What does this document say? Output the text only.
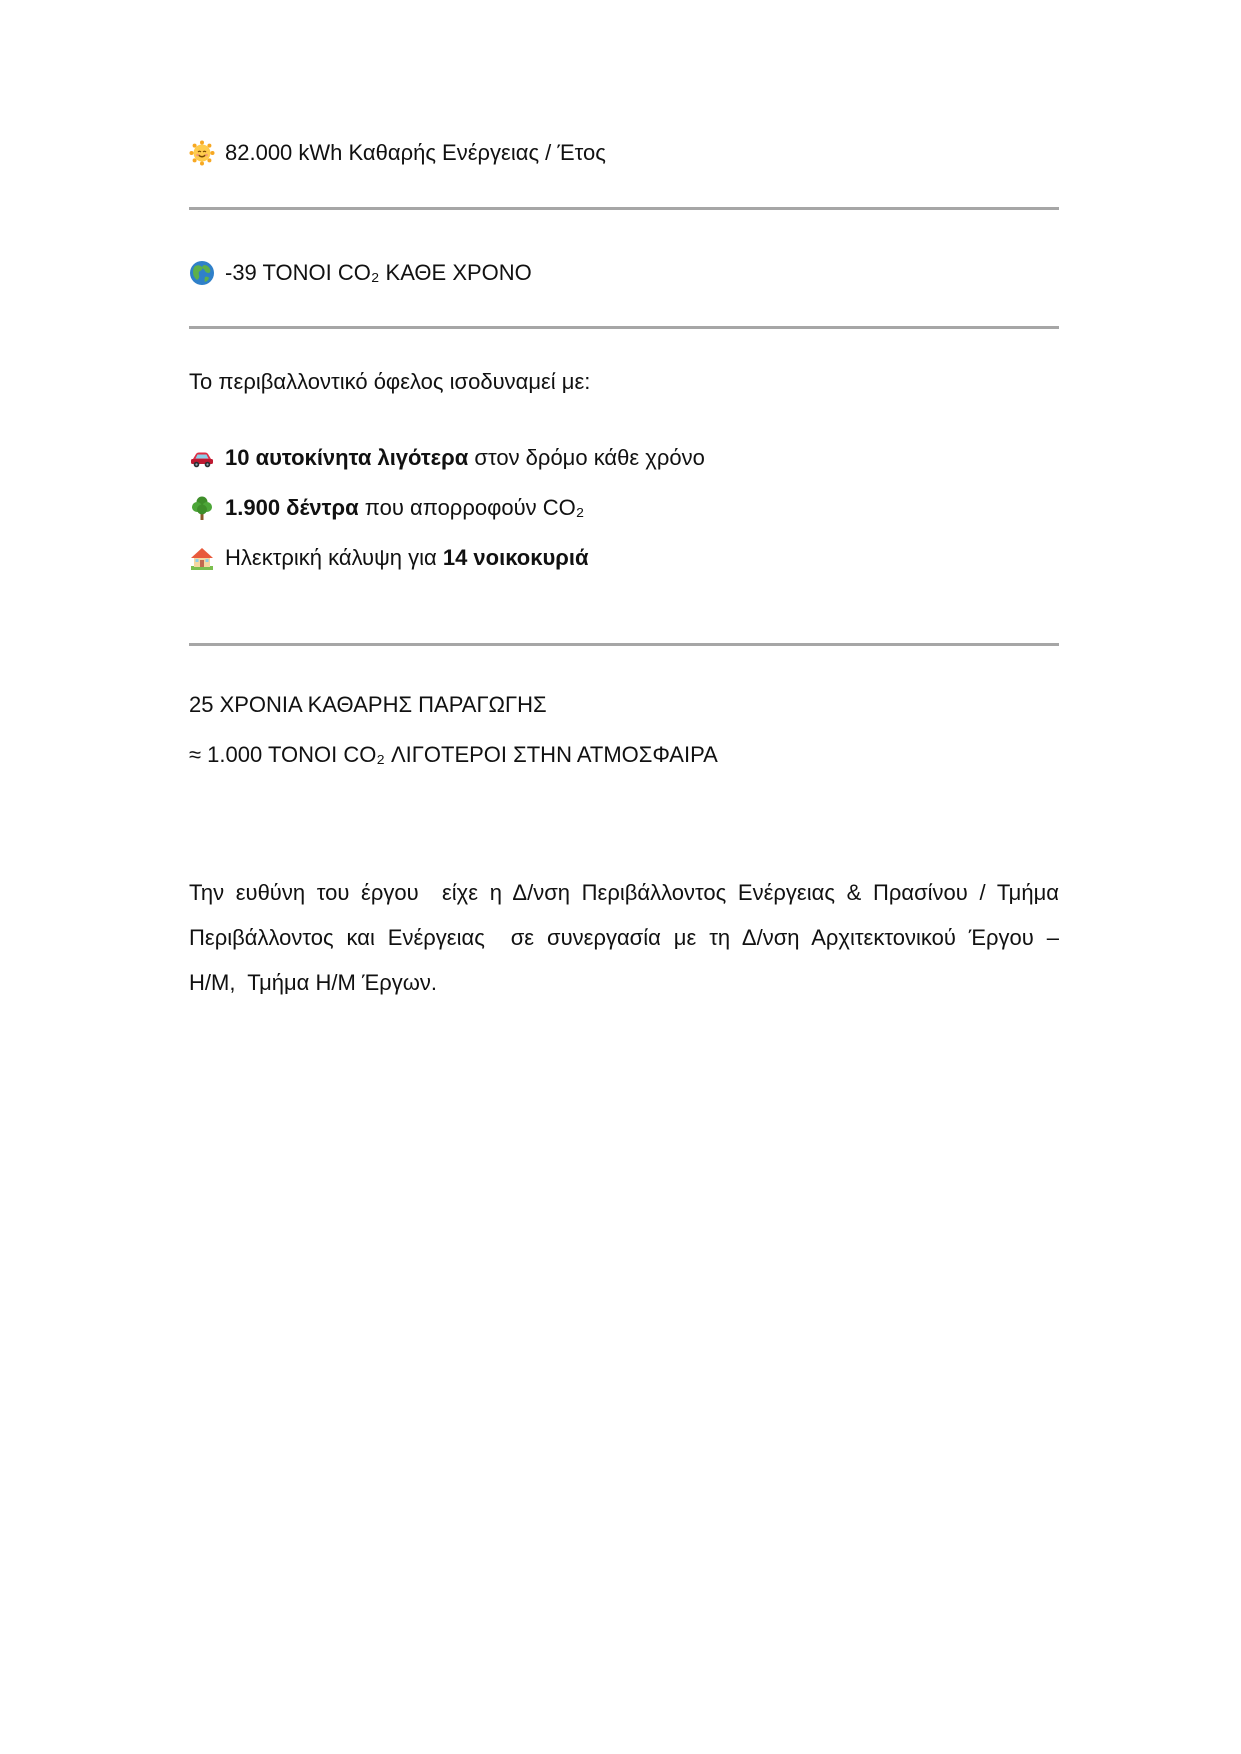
82.000 kWh Καθαρής Ενέργειας / Έτος
-39 ΤΟΝΟΙ CO₂ ΚΑΘΕ ΧΡΟΝΟ
Το περιβαλλοντικό όφελος ισοδυναμεί με:
10 αυτοκίνητα λιγότερα στον δρόμο κάθε χρόνο
1.900 δέντρα που απορροφούν CO₂
Ηλεκτρική κάλυψη για 14 νοικοκυριά
25 ΧΡΟΝΙΑ ΚΑΘΑΡΗΣ ΠΑΡΑΓΩΓΗΣ
≈ 1.000 ΤΟΝΟΙ CO₂ ΛΙΓΟΤΕΡΟΙ ΣΤΗΝ ΑΤΜΟΣΦΑΙΡΑ
Την ευθύνη του έργου  είχε η Δ/νση Περιβάλλοντος Ενέργειας & Πρασίνου / Τμήμα
Περιβάλλοντος και Ενέργειας  σε συνεργασία με τη Δ/νση Αρχιτεκτονικού Έργου –
Η/Μ,  Τμήμα Η/Μ Έργων.
